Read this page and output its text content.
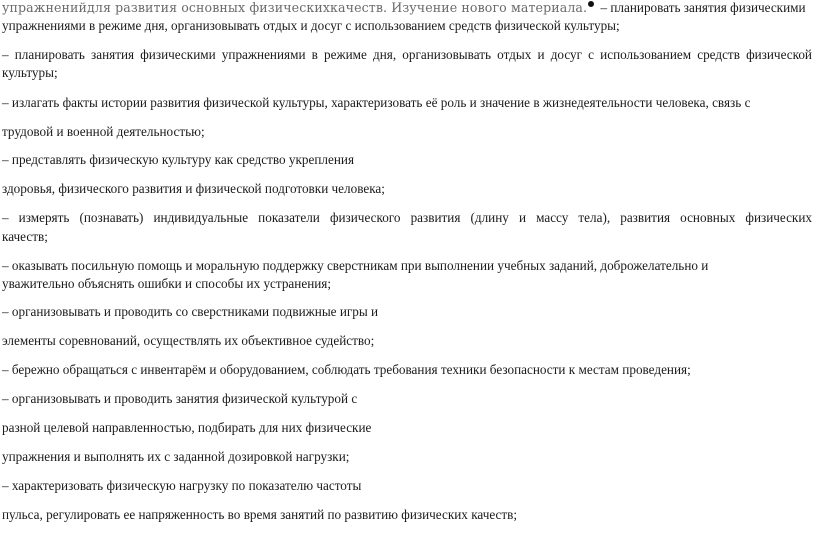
упражненийдля развития основных физическихкачеств. Изучение нового материала. – планировать занятия физическими
упражнениями в режиме дня, организовывать отдых и досуг с использованием средств физической культуры;
– планировать занятия физическими упражнениями в режиме дня, организовывать отдых и досуг с использованием средств физической
культуры;
– излагать факты истории развития физической культуры, характеризовать её роль и значение в жизнедеятельности человека, связь с
трудовой и военной деятельностью;
– представлять физическую культуру как средство укрепления
здоровья, физического развития и физической подготовки человека;
– измерять (познавать) индивидуальные показатели физического развития (длину и массу тела), развития основных физических
качеств;
– оказывать посильную помощь и моральную поддержку сверстникам при выполнении учебных заданий, доброжелательно и
уважительно объяснять ошибки и способы их устранения;
– организовывать и проводить со сверстниками подвижные игры и
элементы соревнований, осуществлять их объективное судейство;
– бережно обращаться с инвентарём и оборудованием, соблюдать требования техники безопасности к местам проведения;
– организовывать и проводить занятия физической культурой с
разной целевой направленностью, подбирать для них физические
упражнения и выполнять их с заданной дозировкой нагрузки;
– характеризовать физическую нагрузку по показателю частоты
пульса, регулировать ее напряженность во время занятий по развитию физических качеств;
